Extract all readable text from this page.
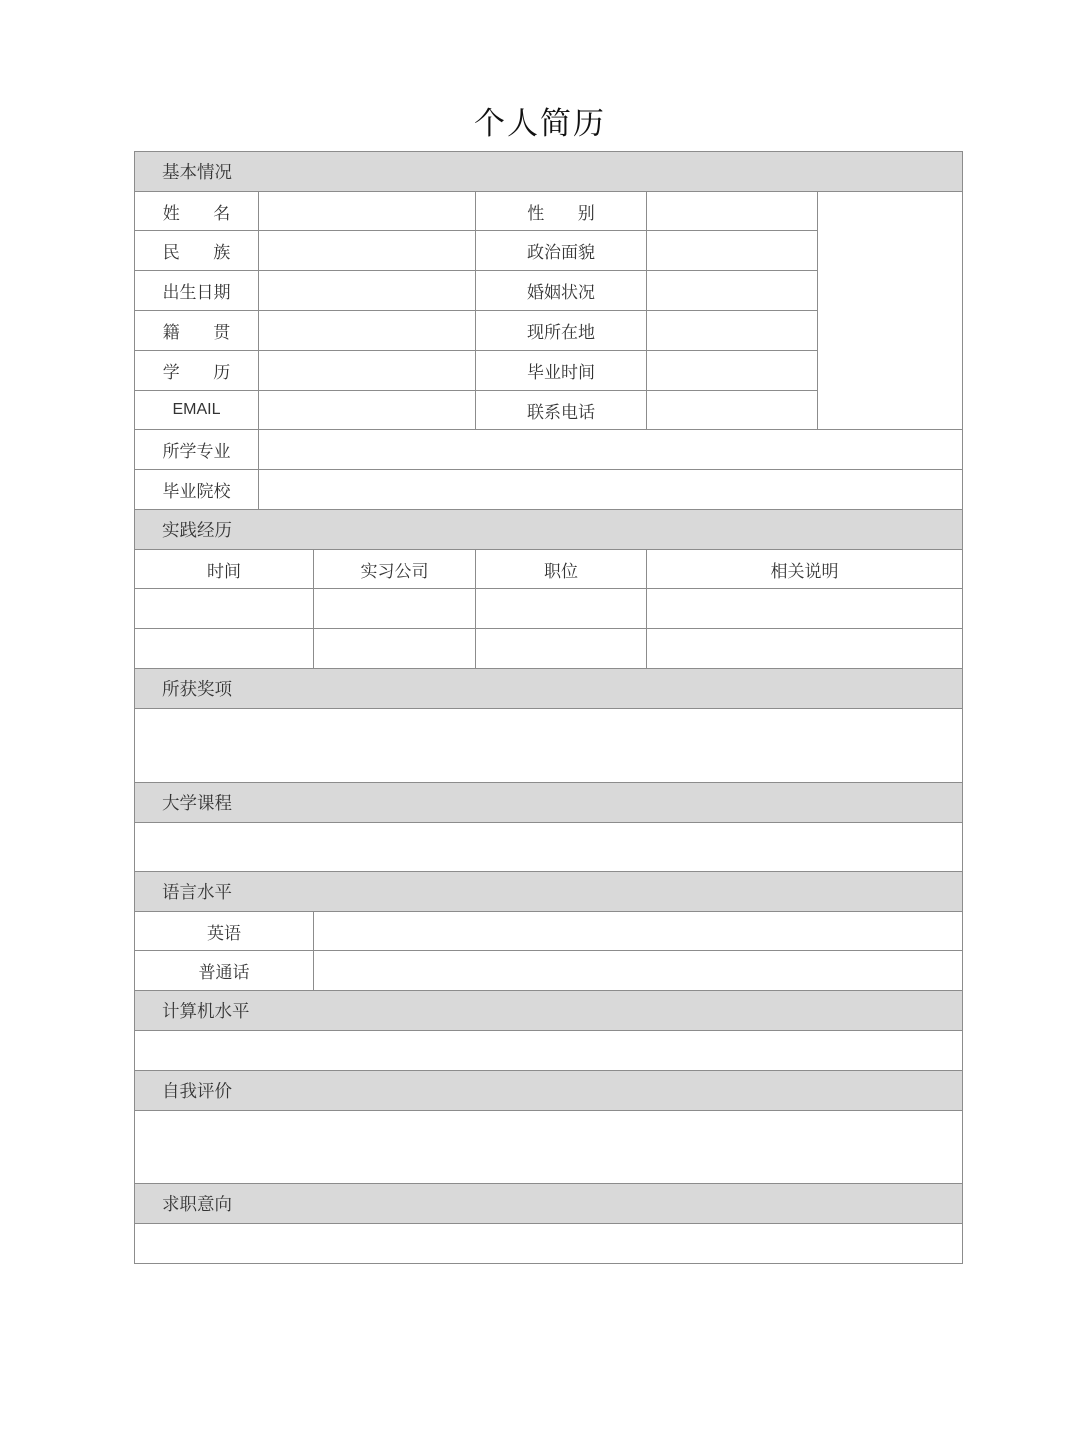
个人简历
基本情况					
姓 名			性 别		
民 族			政治面貌		
出生日期			婚姻状况		
籍 贯			现所在地		
学 历			毕业时间		
EMAIL			联系电话		
所学专业					
毕业院校					
实践经历					
时间		实习公司	职位	相关说明	

所获奖项					

大学课程					

语言水平					
英语					
普通话					
计算机水平					

自我评价					

求职意向					
